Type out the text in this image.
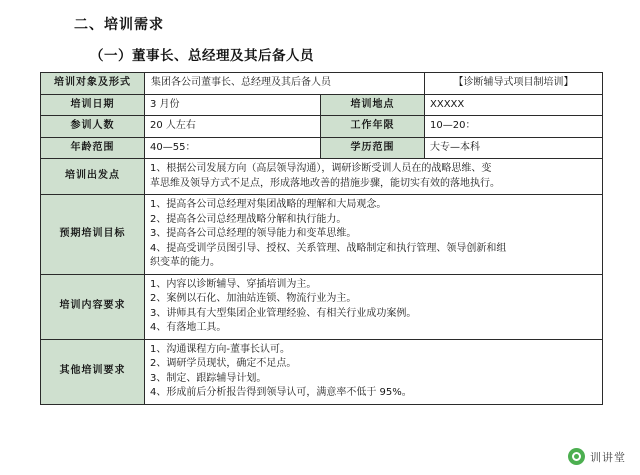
二、培训需求
（一）董事长、总经理及其后备人员
培训对象及形式	集团各公司董事长、总经理及其后备人员		【诊断辅导式项目制培训】
培训日期	3 月份	培训地点	XXXXX
参训人数	20 人左右	工作年限	10—20：
年龄范围	40—55：	学历范围	大专—本科
培训出发点	1、根据公司发展方向（高层领导沟通），调研诊断受训人员在的战略思维、变
革思维及领导方式不足点，形成落地改善的措施步骤，能切实有效的落地执行。		

预期培训目标	1、提高各公司总经理对集团战略的理解和大局观念。
2、提高各公司总经理战略分解和执行能力。
3、提高各公司总经理的领导能力和变革思维。
4、提高受训学员图引导、授权、关系管理、战略制定和执行管理、领导创新和组
织变革的能力。		

培训内容要求	1、内容以诊断辅导、穿插培训为主。
2、案例以石化、加油站连锁、物流行业为主。
3、讲师具有大型集团企业管理经验、有相关行业成功案例。
4、有落地工具。		

其他培训要求	1、沟通课程方向-董事长认可。
2、调研学员现状，确定不足点。
3、制定、跟踪辅导计划。
4、形成前后分析报告得到领导认可，满意率不低于 95%。		
训讲堂
